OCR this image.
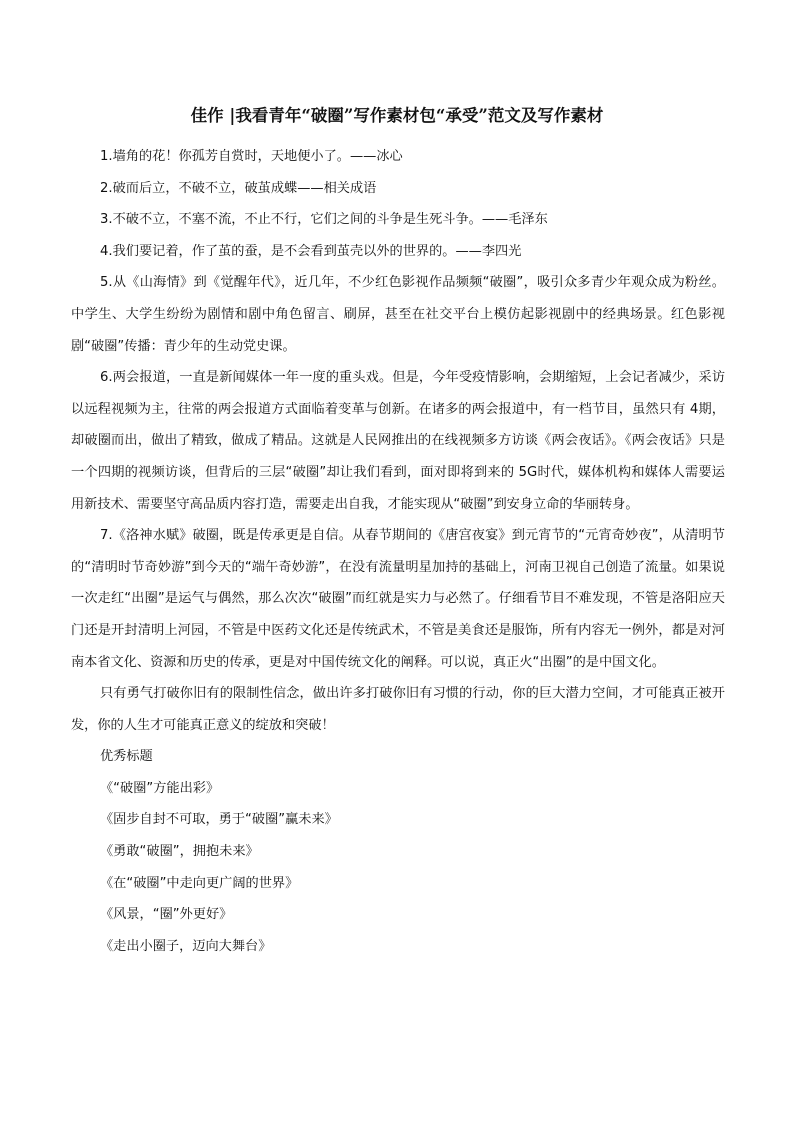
佳作 |我看青年“破圈”写作素材包“承受”范文及写作素材

1.墙角的花！你孤芳自赏时，天地便小了。——冰心

2.破而后立，不破不立，破茧成蝶——相关成语

3.不破不立，不塞不流，不止不行，它们之间的斗争是生死斗争。——毛泽东

4.我们要记着，作了茧的蚕，是不会看到茧壳以外的世界的。——李四光

5.从《山海情》到《觉醒年代》，近几年，不少红色影视作品频频“破圈”，吸引众多青少年观众成为粉丝。中学生、大学生纷纷为剧情和剧中角色留言、刷屏，甚至在社交平台上模仿起影视剧中的经典场景。红色影视剧“破圈”传播：青少年的生动党史课。

6.两会报道，一直是新闻媒体一年一度的重头戏。但是，今年受疫情影响，会期缩短，上会记者减少，采访以远程视频为主，往常的两会报道方式面临着变革与创新。在诸多的两会报道中，有一档节目，虽然只有 4期，却破圈而出，做出了精致，做成了精品。这就是人民网推出的在线视频多方访谈《两会夜话》。《两会夜话》只是一个四期的视频访谈，但背后的三层“破圈”却让我们看到，面对即将到来的 5G时代，媒体机构和媒体人需要运用新技术、需要坚守高品质内容打造，需要走出自我，才能实现从“破圈”到安身立命的华丽转身。

7.《洛神水赋》破圈，既是传承更是自信。从春节期间的《唐宫夜宴》到元宵节的“元宵奇妙夜”，从清明节的“清明时节奇妙游”到今天的“端午奇妙游”，在没有流量明星加持的基础上，河南卫视自己创造了流量。如果说一次走红“出圈”是运气与偶然，那么次次“破圈”而红就是实力与必然了。仔细看节目不难发现，不管是洛阳应天门还是开封清明上河园，不管是中医药文化还是传统武术，不管是美食还是服饰，所有内容无一例外，都是对河南本省文化、资源和历史的传承，更是对中国传统文化的阐释。可以说，真正火“出圈”的是中国文化。

只有勇气打破你旧有的限制性信念，做出许多打破你旧有习惯的行动，你的巨大潜力空间，才可能真正被开发，你的人生才可能真正意义的绽放和突破！

优秀标题

《“破圈”方能出彩》
《固步自封不可取，勇于“破圈”赢未来》
《勇敢“破圈”，拥抱未来》
《在“破圈”中走向更广阔的世界》
《风景，“圈”外更好》
《走出小圈子，迈向大舞台》
